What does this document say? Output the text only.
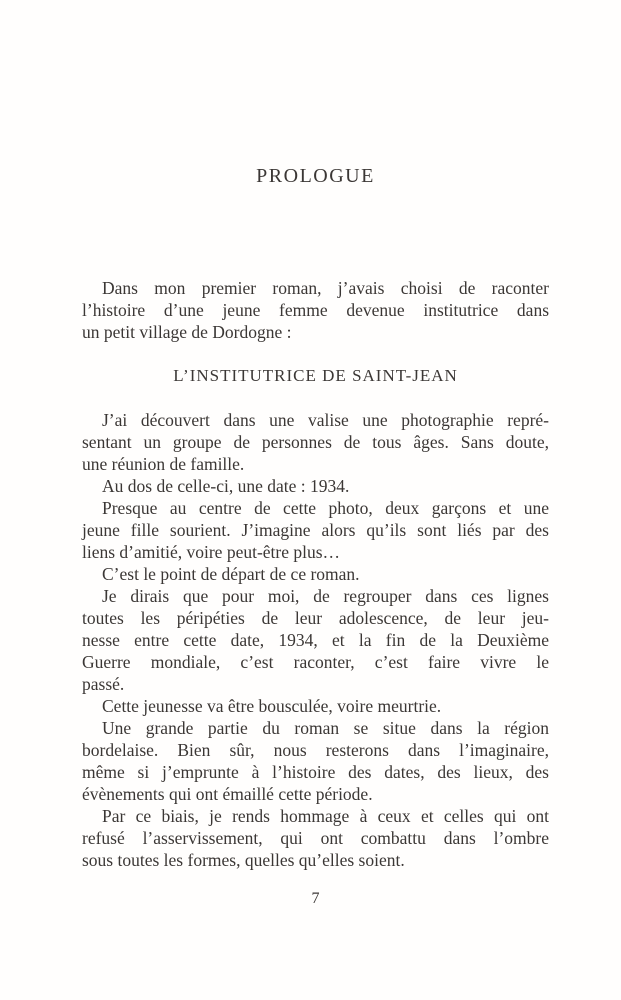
PROLOGUE
Dans mon premier roman, j’avais choisi de raconter
l’histoire d’une jeune femme devenue institutrice dans
un petit village de Dordogne :
L’INSTITUTRICE DE SAINT-JEAN
J’ai découvert dans une valise une photographie repré-
sentant un groupe de personnes de tous âges. Sans doute,
une réunion de famille.
Au dos de celle-ci, une date : 1934.
Presque au centre de cette photo, deux garçons et une
jeune fille sourient. J’imagine alors qu’ils sont liés par des
liens d’amitié, voire peut-être plus…
C’est le point de départ de ce roman.
Je dirais que pour moi, de regrouper dans ces lignes
toutes les péripéties de leur adolescence, de leur jeu-
nesse entre cette date, 1934, et la fin de la Deuxième
Guerre mondiale, c’est raconter, c’est faire vivre le
passé.
Cette jeunesse va être bousculée, voire meurtrie.
Une grande partie du roman se situe dans la région
bordelaise. Bien sûr, nous resterons dans l’imaginaire,
même si j’emprunte à l’histoire des dates, des lieux, des
évènements qui ont émaillé cette période.
Par ce biais, je rends hommage à ceux et celles qui ont
refusé l’asservissement, qui ont combattu dans l’ombre
sous toutes les formes, quelles qu’elles soient.
7
